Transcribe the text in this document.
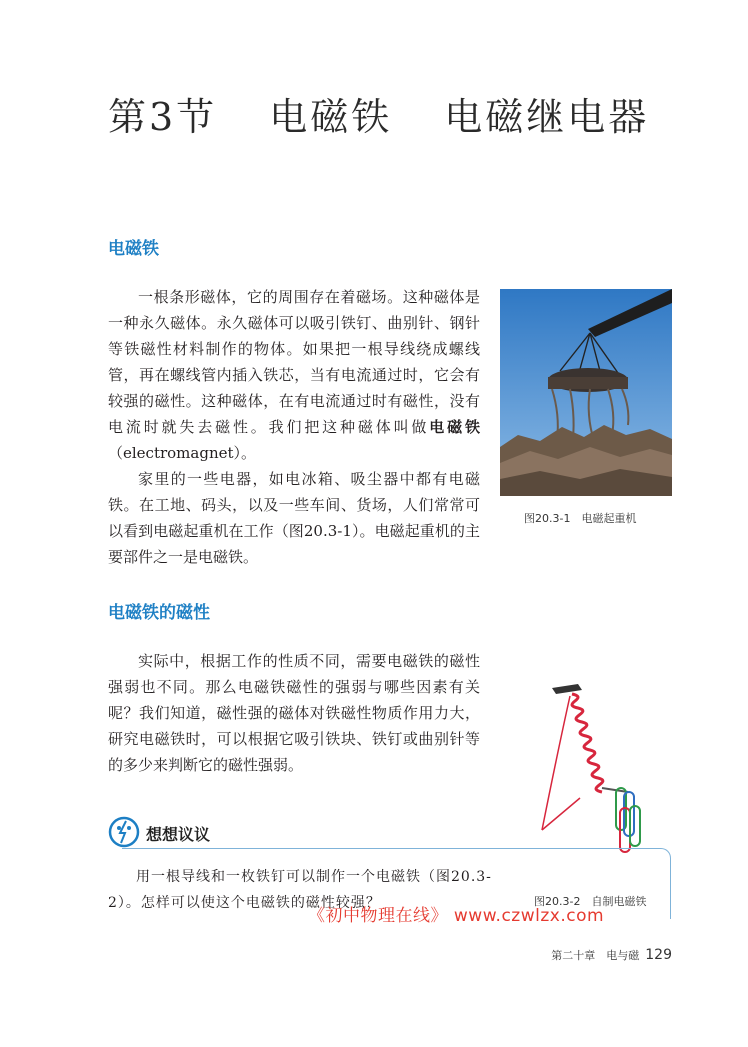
第3节 电磁铁 电磁继电器
电磁铁

一根条形磁体，它的周围存在着磁场。这种磁体是一种永久磁体。永久磁体可以吸引铁钉、曲别针、钢针等铁磁性材料制作的物体。如果把一根导线绕成螺线管，再在螺线管内插入铁芯，当有电流通过时，它会有较强的磁性。这种磁体，在有电流通过时有磁性，没有电流时就失去磁性。我们把这种磁体叫做电磁铁（electromagnet）。

家里的一些电器，如电冰箱、吸尘器中都有电磁铁。在工地、码头，以及一些车间、货场，人们常常可以看到电磁起重机在工作（图20.3-1）。电磁起重机的主要部件之一是电磁铁。

图20.3-1　电磁起重机
电磁铁的磁性

实际中，根据工作的性质不同，需要电磁铁的磁性强弱也不同。那么电磁铁磁性的强弱与哪些因素有关呢？我们知道，磁性强的磁体对铁磁性物质作用力大，研究电磁铁时，可以根据它吸引铁块、铁钉或曲别针等的多少来判断它的磁性强弱。

图20.3-2　自制电磁铁
想想议议

用一根导线和一枚铁钉可以制作一个电磁铁（图20.3-2）。怎样可以使这个电磁铁的磁性较强？

《初中物理在线》 www.czwlzx.com
第二十章　电与磁 129
